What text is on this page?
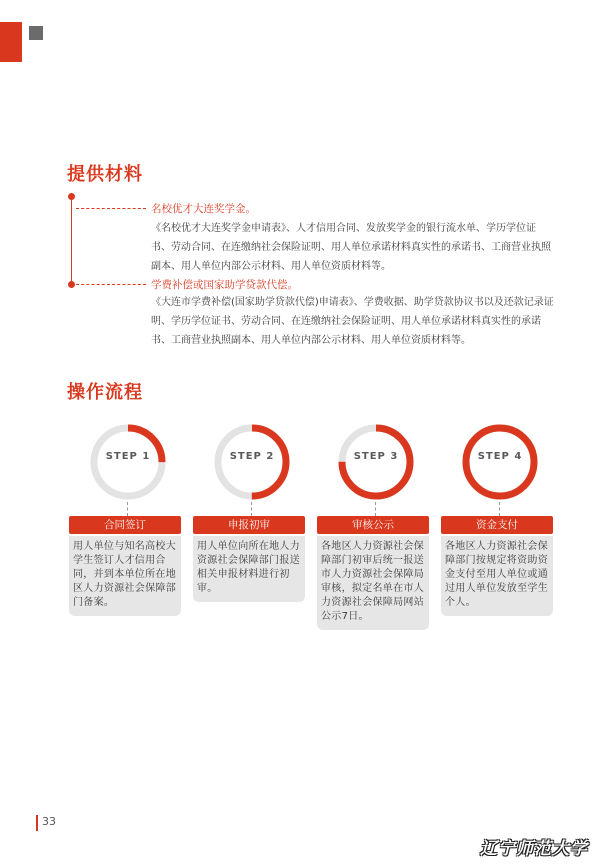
提供材料

名校优才大连奖学金。

《名校优才大连奖学金申请表》、人才信用合同、发放奖学金的银行流水单、学历学位证书、劳动合同、在连缴纳社会保险证明、用人单位承诺材料真实性的承诺书、工商营业执照副本、用人单位内部公示材料、用人单位资质材料等。

学费补偿或国家助学贷款代偿。

《大连市学费补偿(国家助学贷款代偿)申请表》、学费收据、助学贷款协议书以及还款记录证明、学历学位证书、劳动合同、在连缴纳社会保险证明、用人单位承诺材料真实性的承诺书、工商营业执照副本、用人单位内部公示材料、用人单位资质材料等。

操作流程
STEP 1
合同签订
用人单位与知名高校大学生签订人才信用合同，并到本单位所在地区人力资源社会保障部门备案。
STEP 2
申报初审
用人单位向所在地人力资源社会保障部门报送相关申报材料进行初审。
STEP 3
审核公示
各地区人力资源社会保障部门初审后统一报送市人力资源社会保障局审核，拟定名单在市人力资源社会保障局网站公示7日。
STEP 4
资金支付
各地区人力资源社会保障部门按规定将资助资金支付至用人单位或通过用人单位发放至学生个人。
33
辽宁师范大学
